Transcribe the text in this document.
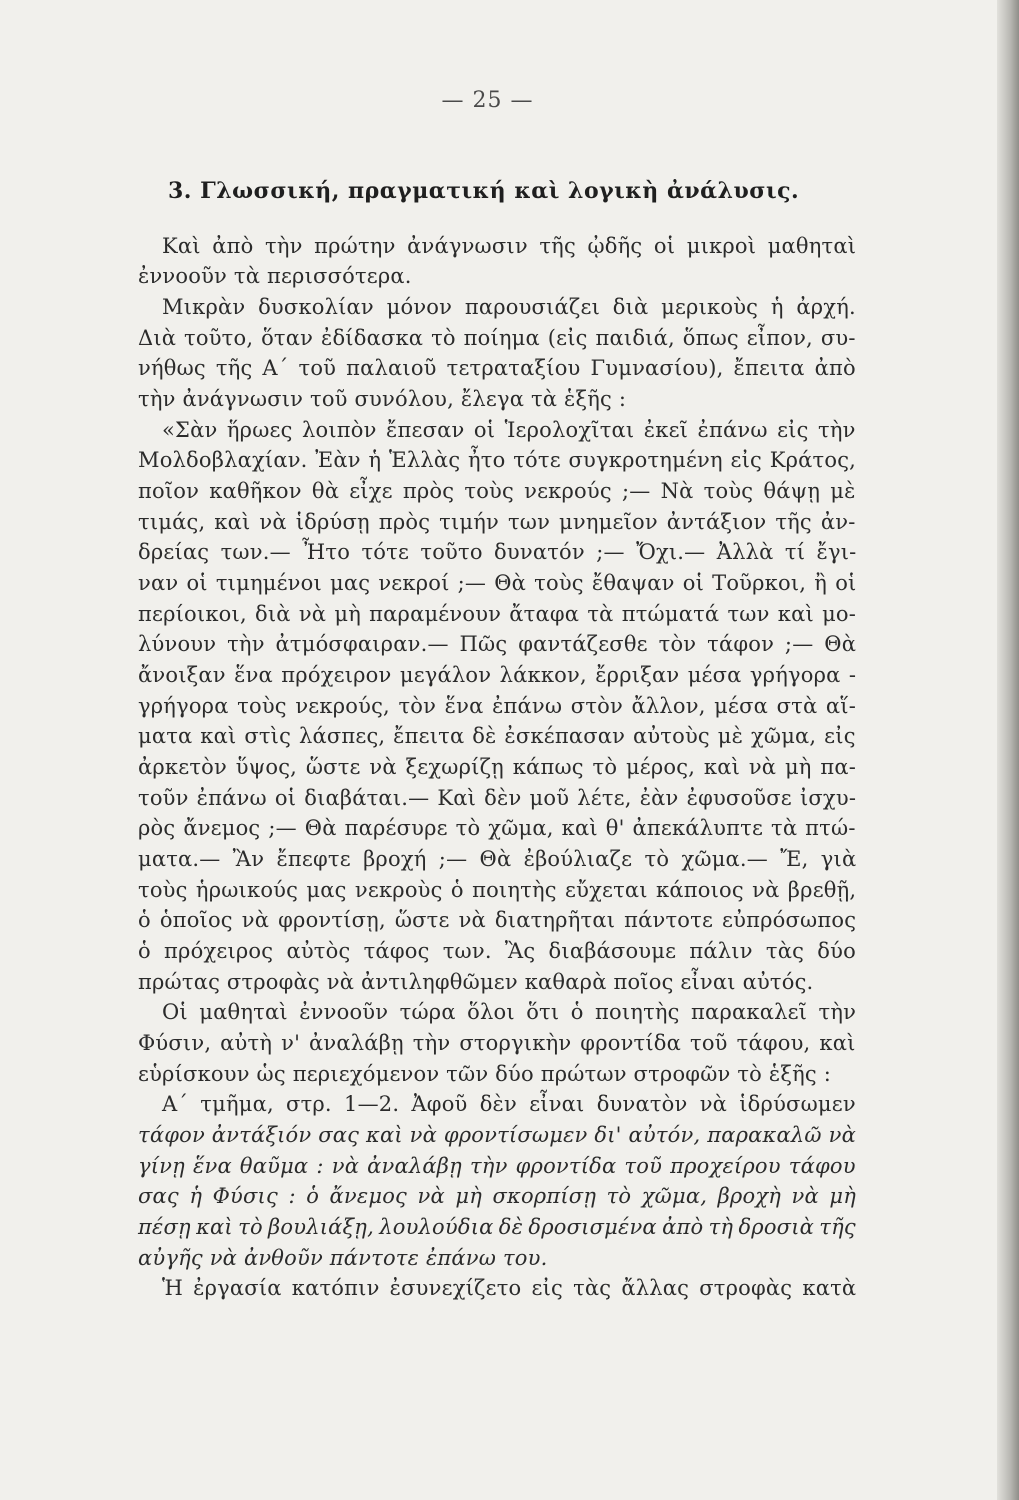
— 25 —
3. Γλωσσική, πραγματική καὶ λογικὴ ἀνάλυσις.
Καὶ ἀπὸ τὴν πρώτην ἀνάγνωσιν τῆς ᾠδῆς οἱ μικροὶ μαθηταὶ
ἐννοοῦν τὰ περισσότερα.
Μικρὰν δυσκολίαν μόνον παρουσιάζει διὰ μερικοὺς ἡ ἀρχή.
Διὰ τοῦτο, ὅταν ἐδίδασκα τὸ ποίημα (εἰς παιδιά, ὅπως εἶπον, συ-
νήθως τῆς Α΄ τοῦ παλαιοῦ τετραταξίου Γυμνασίου), ἔπειτα ἀπὸ
τὴν ἀνάγνωσιν τοῦ συνόλου, ἔλεγα τὰ ἑξῆς :
«Σὰν ἥρωες λοιπὸν ἔπεσαν οἱ Ἱερολοχῖται ἐκεῖ ἐπάνω εἰς τὴν
Μολδοβλαχίαν. Ἐὰν ἡ Ἑλλὰς ἦτο τότε συγκροτημένη εἰς Κράτος,
ποῖον καθῆκον θὰ εἶχε πρὸς τοὺς νεκρούς ;— Νὰ τοὺς θάψῃ μὲ
τιμάς, καὶ νὰ ἱδρύσῃ πρὸς τιμήν των μνημεῖον ἀντάξιον τῆς ἀν-
δρείας των.— Ἦτο τότε τοῦτο δυνατόν ;— Ὄχι.— Ἀλλὰ τί ἔγι-
ναν οἱ τιμημένοι μας νεκροί ;— Θὰ τοὺς ἔθαψαν οἱ Τοῦρκοι, ἢ οἱ
περίοικοι, διὰ νὰ μὴ παραμένουν ἄταφα τὰ πτώματά των καὶ μο-
λύνουν τὴν ἀτμόσφαιραν.— Πῶς φαντάζεσθε τὸν τάφον ;— Θὰ
ἄνοιξαν ἕνα πρόχειρον μεγάλον λάκκον, ἔρριξαν μέσα γρήγορα -
γρήγορα τοὺς νεκρούς, τὸν ἕνα ἐπάνω στὸν ἄλλον, μέσα στὰ αἵ-
ματα καὶ στὶς λάσπες, ἔπειτα δὲ ἐσκέπασαν αὐτοὺς μὲ χῶμα, εἰς
ἀρκετὸν ὕψος, ὥστε νὰ ξεχωρίζῃ κάπως τὸ μέρος, καὶ νὰ μὴ πα-
τοῦν ἐπάνω οἱ διαβάται.— Καὶ δὲν μοῦ λέτε, ἐὰν ἐφυσοῦσε ἰσχυ-
ρὸς ἄνεμος ;— Θὰ παρέσυρε τὸ χῶμα, καὶ θ' ἀπεκάλυπτε τὰ πτώ-
ματα.— Ἂν ἔπεφτε βροχή ;— Θὰ ἐβούλιαζε τὸ χῶμα.— Ἔ, γιὰ
τοὺς ἡρωικούς μας νεκροὺς ὁ ποιητὴς εὔχεται κάποιος νὰ βρεθῇ,
ὁ ὁποῖος νὰ φροντίσῃ, ὥστε νὰ διατηρῆται πάντοτε εὐπρόσωπος
ὁ πρόχειρος αὐτὸς τάφος των. Ἂς διαβάσουμε πάλιν τὰς δύο
πρώτας στροφὰς νὰ ἀντιληφθῶμεν καθαρὰ ποῖος εἶναι αὐτός.
Οἱ μαθηταὶ ἐννοοῦν τώρα ὅλοι ὅτι ὁ ποιητὴς παρακαλεῖ τὴν
Φύσιν, αὐτὴ ν' ἀναλάβῃ τὴν στοργικὴν φροντίδα τοῦ τάφου, καὶ
εὑρίσκουν ὡς περιεχόμενον τῶν δύο πρώτων στροφῶν τὸ ἑξῆς :
Α΄ τμῆμα, στρ. 1—2. Ἀφοῦ δὲν εἶναι δυνατὸν νὰ ἱδρύσωμεν
τάφον ἀντάξιόν σας καὶ νὰ φροντίσωμεν δι' αὐτόν, παρακαλῶ νὰ
γίνῃ ἕνα θαῦμα : νὰ ἀναλάβῃ τὴν φροντίδα τοῦ προχείρου τάφου
σας ἡ Φύσις : ὁ ἄνεμος νὰ μὴ σκορπίσῃ τὸ χῶμα, βροχὴ νὰ μὴ
πέσῃ καὶ τὸ βουλιάξῃ, λουλούδια δὲ δροσισμένα ἀπὸ τὴ δροσιὰ τῆς
αὐγῆς νὰ ἀνθοῦν πάντοτε ἐπάνω του.
Ἡ ἐργασία κατόπιν ἐσυνεχίζετο εἰς τὰς ἄλλας στροφὰς κατὰ
